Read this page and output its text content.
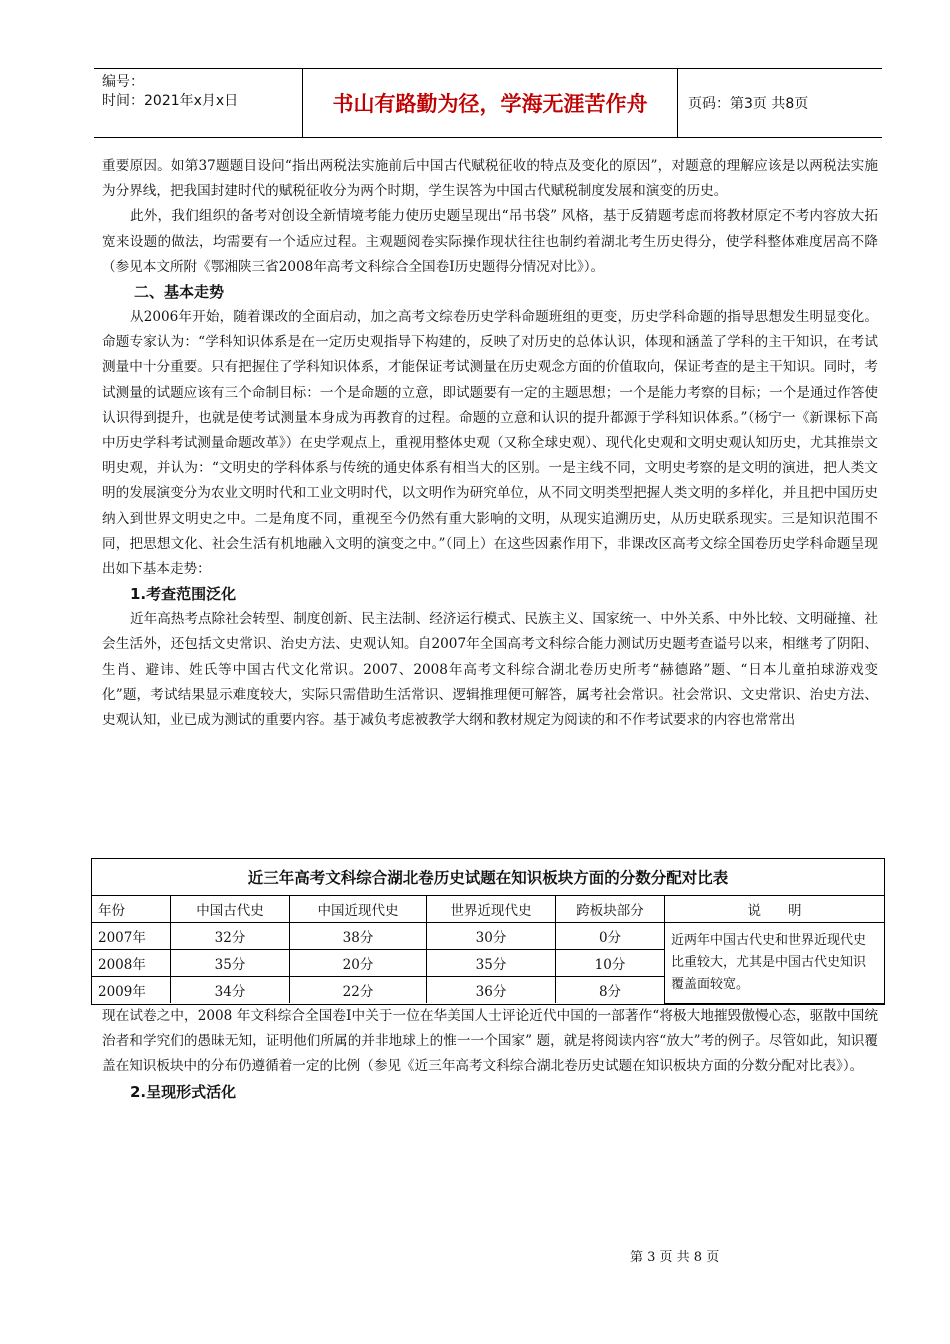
编号：
时间：2021年x月x日	书山有路勤为径，学海无涯苦作舟	页码：第3页 共8页

重要原因。如第37题题目设问“指出两税法实施前后中国古代赋税征收的特点及变化的原因”，对题意的理解应该是以两税法实施为分界线，把我国封建时代的赋税征收分为两个时期，学生误答为中国古代赋税制度发展和演变的历史。

此外，我们组织的备考对创设全新情境考能力使历史题呈现出“吊书袋” 风格，基于反猜题考虑而将教材原定不考内容放大拓宽来设题的做法，均需要有一个适应过程。主观题阅卷实际操作现状往往也制约着湖北考生历史得分，使学科整体难度居高不降（参见本文所附《鄂湘陕三省2008年高考文科综合全国卷Ⅰ历史题得分情况对比》）。

二、基本走势

从2006年开始，随着课改的全面启动，加之高考文综卷历史学科命题班组的更变，历史学科命题的指导思想发生明显变化。命题专家认为：“学科知识体系是在一定历史观指导下构建的，反映了对历史的总体认识，体现和涵盖了学科的主干知识，在考试测量中十分重要。只有把握住了学科知识体系，才能保证考试测量在历史观念方面的价值取向，保证考查的是主干知识。同时，考试测量的试题应该有三个命制目标：一个是命题的立意，即试题要有一定的主题思想；一个是能力考察的目标；一个是通过作答使认识得到提升，也就是使考试测量本身成为再教育的过程。命题的立意和认识的提升都源于学科知识体系。”（杨宁一《新课标下高中历史学科考试测量命题改革》）在史学观点上，重视用整体史观（又称全球史观）、现代化史观和文明史观认知历史，尤其推崇文明史观，并认为：“文明史的学科体系与传统的通史体系有相当大的区别。一是主线不同，文明史考察的是文明的演进，把人类文明的发展演变分为农业文明时代和工业文明时代，以文明作为研究单位，从不同文明类型把握人类文明的多样化，并且把中国历史纳入到世界文明史之中。二是角度不同，重视至今仍然有重大影响的文明，从现实追溯历史，从历史联系现实。三是知识范围不同，把思想文化、社会生活有机地融入文明的演变之中。”（同上）在这些因素作用下，非课改区高考文综全国卷历史学科命题呈现出如下基本走势：

1.考查范围泛化

近年高热考点除社会转型、制度创新、民主法制、经济运行模式、民族主义、国家统一、中外关系、中外比较、文明碰撞、社会生活外，还包括文史常识、治史方法、史观认知。自2007年全国高考文科综合能力测试历史题考查谥号以来，相继考了阴阳、生肖、避讳、姓氏等中国古代文化常识。2007、2008年高考文科综合湖北卷历史所考“赫德路”题、“日本儿童拍球游戏变化”题，考试结果显示难度较大，实际只需借助生活常识、逻辑推理便可解答，属考社会常识。社会常识、文史常识、治史方法、史观认知，业已成为测试的重要内容。基于减负考虑被教学大纲和教材规定为阅读的和不作考试要求的内容也常常出

近三年高考文科综合湖北卷历史试题在知识板块方面的分数分配对比表
年份	中国古代史	中国近现代史	世界近现代史	跨板块部分	说　　明
2007年	32分	38分	30分	0分	近两年中国古代史和世界近现代史比重较大，尤其是中国古代史知识覆盖面较宽。
2008年	35分	20分	35分	10分	
2009年	34分	22分	36分	8分	

现在试卷之中，2008 年文科综合全国卷Ⅰ中关于一位在华美国人士评论近代中国的一部著作“将极大地摧毁傲慢心态，驱散中国统治者和学究们的愚昧无知，证明他们所属的并非地球上的惟一一个国家” 题，就是将阅读内容“放大”考的例子。尽管如此，知识覆盖在知识板块中的分布仍遵循着一定的比例（参见《近三年高考文科综合湖北卷历史试题在知识板块方面的分数分配对比表》）。

2.呈现形式活化

第 3 页 共 8 页
